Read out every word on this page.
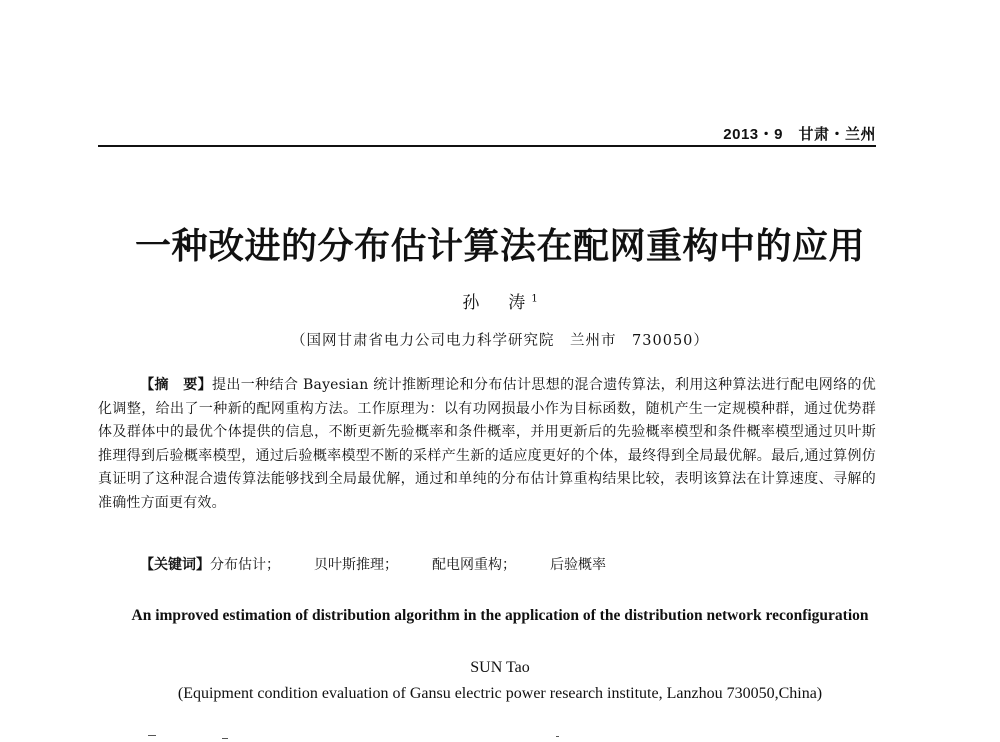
2013・9　甘肃・兰州
一种改进的分布估计算法在配网重构中的应用
孙　涛$^1$
（国网甘肃省电力公司电力科学研究院　兰州市　730050）
【摘　要】提出一种结合 Bayesian 统计推断理论和分布估计思想的混合遗传算法，利用这种算法进行配电网络的优化调整，给出了一种新的配网重构方法。工作原理为：以有功网损最小作为目标函数，随机产生一定规模种群，通过优势群体及群体中的最优个体提供的信息，不断更新先验概率和条件概率，并用更新后的先验概率模型和条件概率模型通过贝叶斯推理得到后验概率模型，通过后验概率模型不断的采样产生新的适应度更好的个体，最终得到全局最优解。最后,通过算例仿真证明了这种混合遗传算法能够找到全局最优解，通过和单纯的分布估计算重构结果比较，表明该算法在计算速度、寻解的准确性方面更有效。
【关键词】分布估计； 贝叶斯推理； 配电网重构； 后验概率
An improved estimation of distribution algorithm in the application of the distribution network reconfiguration
SUN Tao
(Equipment condition evaluation of Gansu electric power research institute, Lanzhou 730050,China)
